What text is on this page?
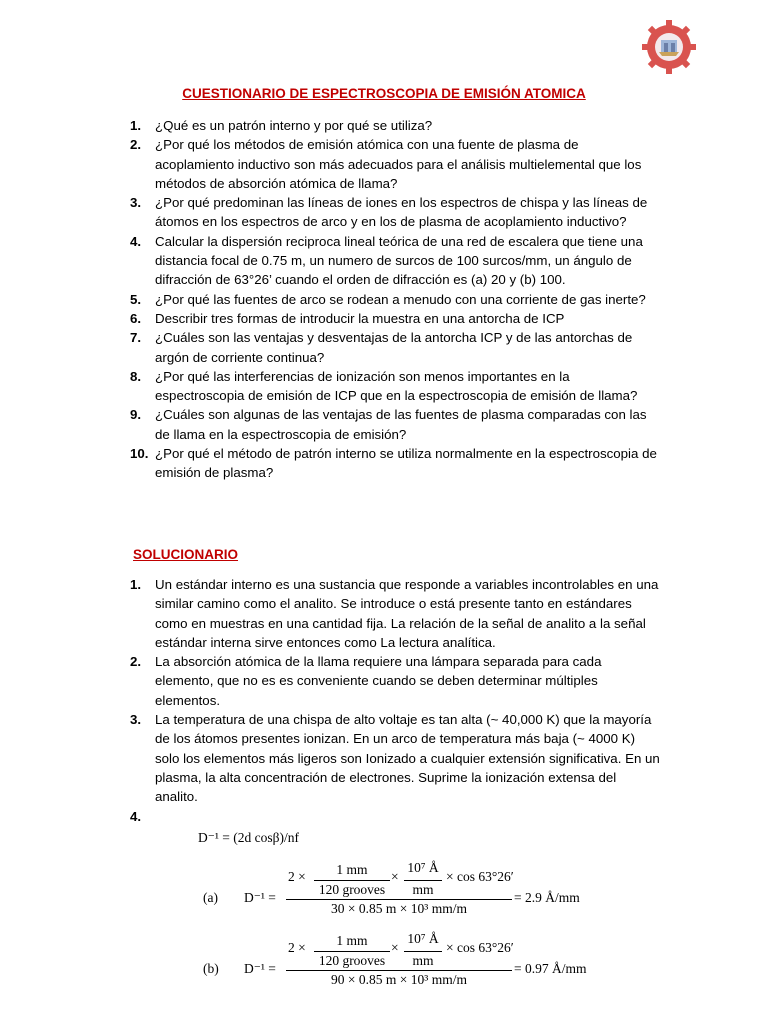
CUESTIONARIO DE ESPECTROSCOPIA DE EMISIÓN ATOMICA
1. ¿Qué es un patrón interno y por qué se utiliza?
2. ¿Por qué los métodos de emisión atómica con una fuente de plasma de acoplamiento inductivo son más adecuados para el análisis multielemental que los métodos de absorción atómica de llama?
3. ¿Por qué predominan las líneas de iones en los espectros de chispa y las líneas de átomos en los espectros de arco y en los de plasma de acoplamiento inductivo?
4. Calcular la dispersión reciproca lineal teórica de una red de escalera que tiene una distancia focal de 0.75 m, un numero de surcos de 100 surcos/mm, un ángulo de difracción de 63°26’ cuando el orden de difracción es (a) 20 y (b) 100.
5. ¿Por qué las fuentes de arco se rodean a menudo con una corriente de gas inerte?
6. Describir tres formas de introducir la muestra en una antorcha de ICP
7. ¿Cuáles son las ventajas y desventajas de la antorcha ICP y de las antorchas de argón de corriente continua?
8. ¿Por qué las interferencias de ionización son menos importantes en la espectroscopia de emisión de ICP que en la espectroscopia de emisión de llama?
9. ¿Cuáles son algunas de las ventajas de las fuentes de plasma comparadas con las de llama en la espectroscopia de emisión?
10. ¿Por qué el método de patrón interno se utiliza normalmente en la espectroscopia de emisión de plasma?
SOLUCIONARIO
1. Un estándar interno es una sustancia que responde a variables incontrolables en una similar camino como el analito. Se introduce o está presente tanto en estándares como en muestras en una cantidad fija. La relación de la señal de analito a la señal estándar interna sirve entonces como La lectura analítica.
2. La absorción atómica de la llama requiere una lámpara separada para cada elemento, que no es es conveniente cuando se deben determinar múltiples elementos.
3. La temperatura de una chispa de alto voltaje es tan alta (~ 40,000 K) que la mayoría de los átomos presentes ionizan. En un arco de temperatura más baja (~ 4000 K) solo los elementos más ligeros son Ionizado a cualquier extensión significativa. En un plasma, la alta concentración de electrones. Suprime la ionización extensa del analito.
4.
D⁻¹ = (2d cosβ)/nf
(a) D⁻¹ =
2 ×	1 mm
120 grooves
×
10⁷ Å
mm
× cos 63°26′
30 × 0.85 m × 10³ mm/m
= 2.9 Å/mm
(b) D⁻¹ =
2 ×	1 mm
120 grooves
×
10⁷ Å
mm
× cos 63°26′
90 × 0.85 m × 10³ mm/m
= 0.97 Å/mm
